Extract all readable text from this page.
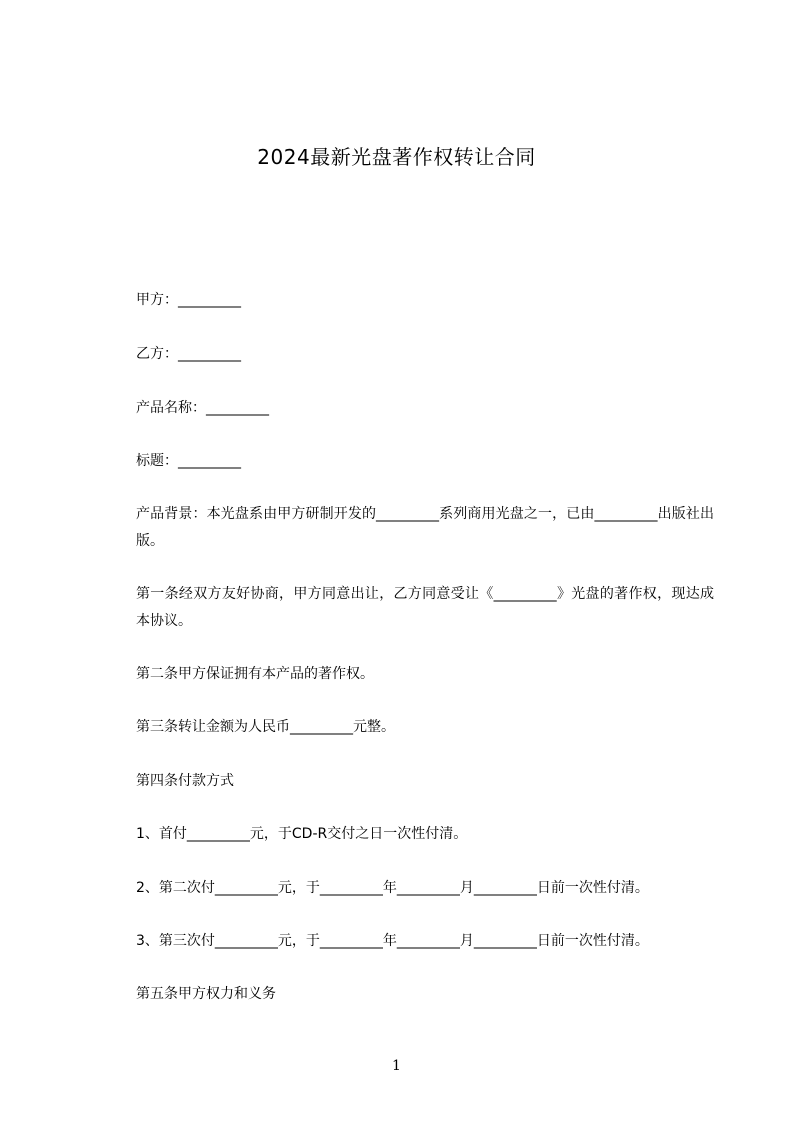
2024最新光盘著作权转让合同
甲方：_________
乙方：_________
产品名称：_________
标题：_________
产品背景：本光盘系由甲方研制开发的_________系列商用光盘之一，已由_________出版社出版。
第一条经双方友好协商，甲方同意出让，乙方同意受让《_________》光盘的著作权，现达成本协议。
第二条甲方保证拥有本产品的著作权。
第三条转让金额为人民币_________元整。
第四条付款方式
1、首付_________元，于CD-R交付之日一次性付清。
2、第二次付_________元，于_________年_________月_________日前一次性付清。
3、第三次付_________元，于_________年_________月_________日前一次性付清。
第五条甲方权力和义务
1
